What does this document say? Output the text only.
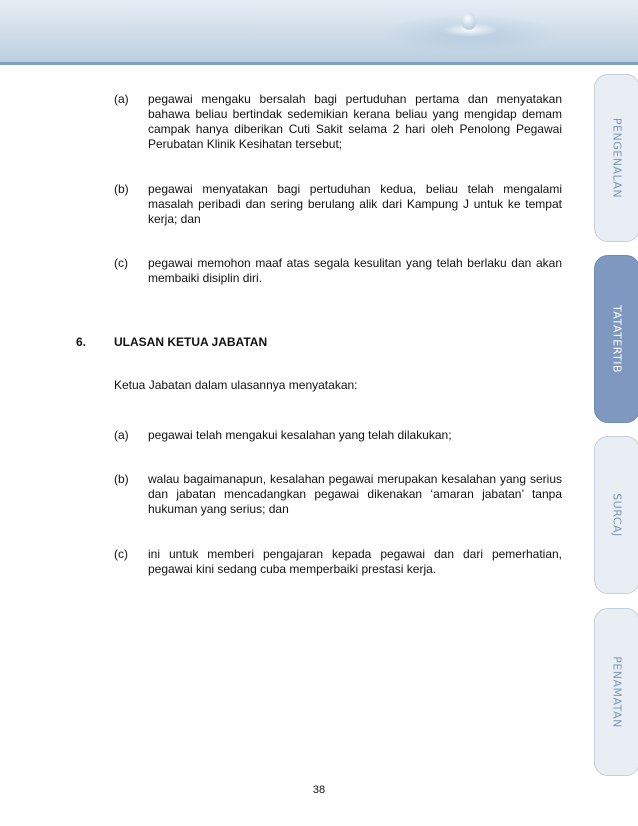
(a) pegawai mengaku bersalah bagi pertuduhan pertama dan menyatakan bahawa beliau bertindak sedemikian kerana beliau yang mengidap demam campak hanya diberikan Cuti Sakit selama 2 hari oleh Penolong Pegawai Perubatan Klinik Kesihatan tersebut;
(b) pegawai menyatakan bagi pertuduhan kedua, beliau telah mengalami masalah peribadi dan sering berulang alik dari Kampung J untuk ke tempat kerja; dan
(c) pegawai memohon maaf atas segala kesulitan yang telah berlaku dan akan membaiki disiplin diri.
6. ULASAN KETUA JABATAN
Ketua Jabatan dalam ulasannya menyatakan:
(a) pegawai telah mengakui kesalahan yang telah dilakukan;
(b) walau bagaimanapun, kesalahan pegawai merupakan kesalahan yang serius dan jabatan mencadangkan pegawai dikenakan ‘amaran jabatan’ tanpa hukuman yang serius; dan
(c) ini untuk memberi pengajaran kepada pegawai dan dari pemerhatian, pegawai kini sedang cuba memperbaiki prestasi kerja.
PENGENALAN
TATATERTIB
SURCAJ
PENAMATAN
38
